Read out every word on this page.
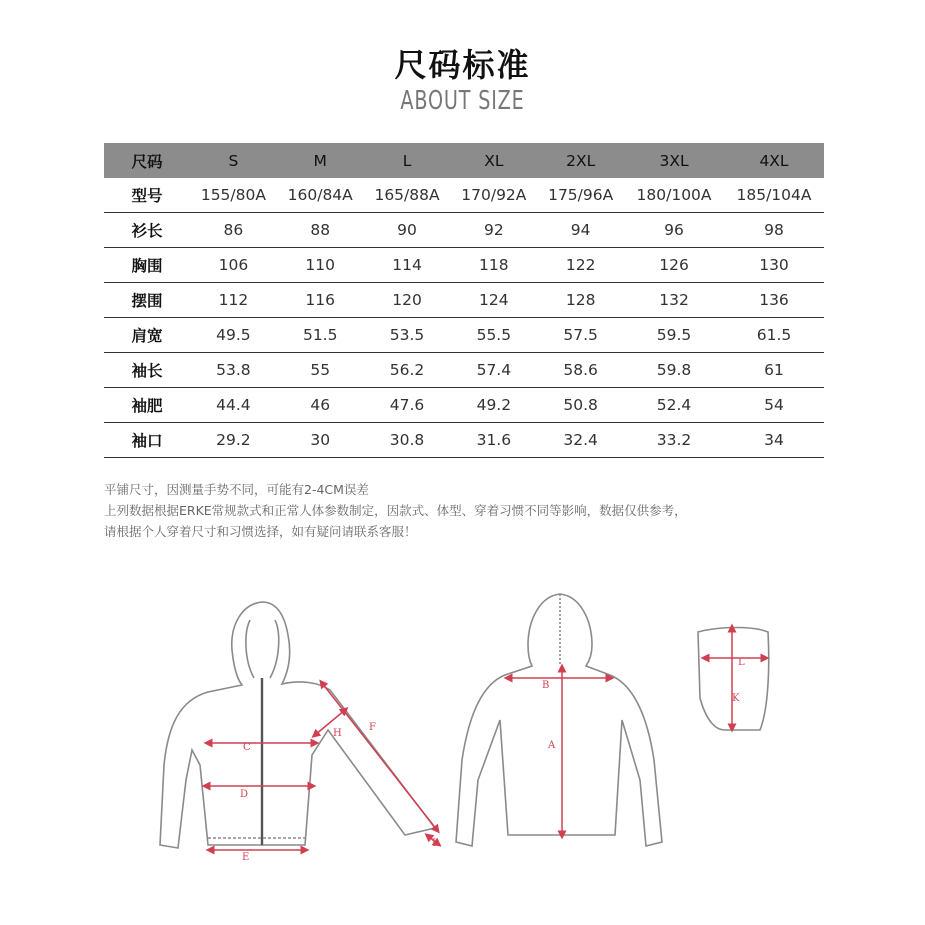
尺码标准
ABOUT SIZE
尺码	S	M	L	XL	2XL	3XL	4XL
型号	155/80A	160/84A	165/88A	170/92A	175/96A	180/100A	185/104A
衫长	86	88	90	92	94	96	98
胸围	106	110	114	118	122	126	130
摆围	112	116	120	124	128	132	136
肩宽	49.5	51.5	53.5	55.5	57.5	59.5	61.5
袖长	53.8	55	56.2	57.4	58.6	59.8	61
袖肥	44.4	46	47.6	49.2	50.8	52.4	54
袖口	29.2	30	30.8	31.6	32.4	33.2	34
平铺尺寸，因测量手势不同，可能有2-4CM误差
上列数据根据ERKE常规款式和正常人体参数制定，因款式、体型、穿着习惯不同等影响，数据仅供参考，
请根据个人穿着尺寸和习惯选择，如有疑问请联系客服！
C
D
E
F
H
I
B
A
L
K
